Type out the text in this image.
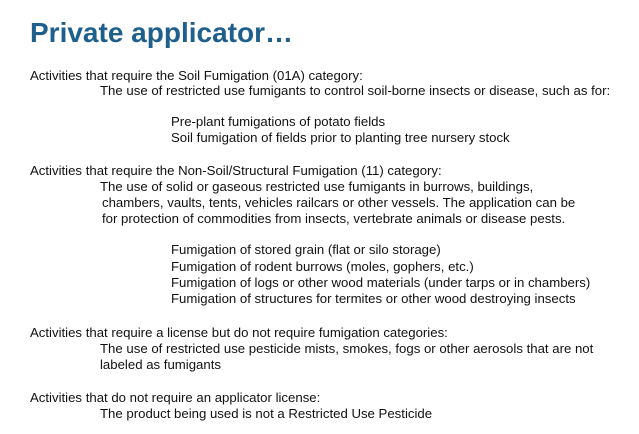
Private applicator…

Activities that require the Soil Fumigation (01A) category:

The use of restricted use fumigants to control soil-borne insects or disease, such as for:

Pre-plant fumigations of potato fields

Soil fumigation of fields prior to planting tree nursery stock

Activities that require the Non-Soil/Structural Fumigation (11) category:

The use of solid or gaseous restricted use fumigants in burrows, buildings,

chambers, vaults, tents, vehicles railcars or other vessels. The application can be

for protection of commodities from insects, vertebrate animals or disease pests.

Fumigation of stored grain (flat or silo storage)

Fumigation of rodent burrows (moles, gophers, etc.)

Fumigation of logs or other wood materials (under tarps or in chambers)

Fumigation of structures for termites or other wood destroying insects

Activities that require a license but do not require fumigation categories:

The use of restricted use pesticide mists, smokes, fogs or other aerosols that are not

labeled as fumigants

Activities that do not require an applicator license:

The product being used is not a Restricted Use Pesticide
